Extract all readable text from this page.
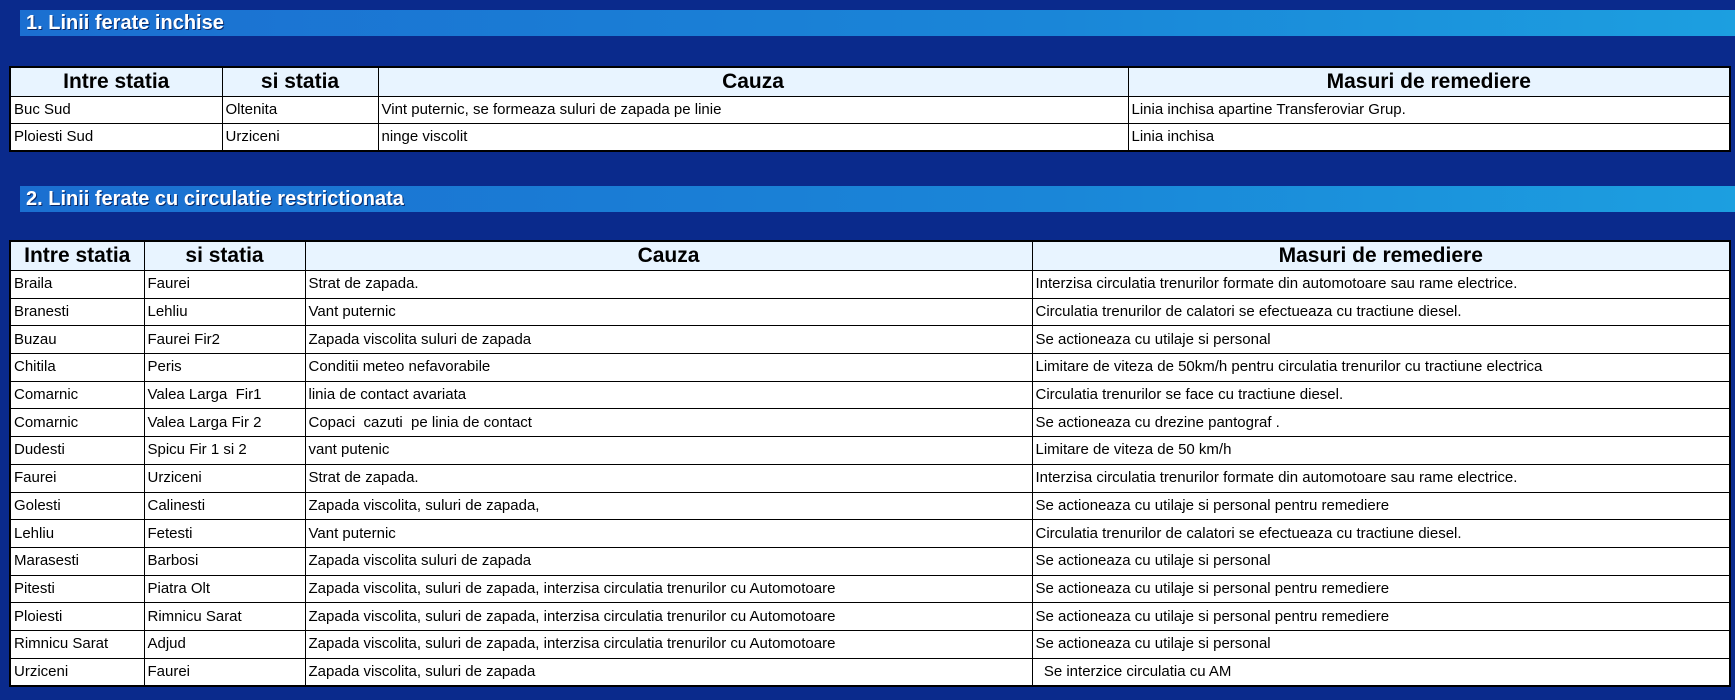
1. Linii ferate inchise
Intre statia	si statia	Cauza	Masuri de remediere
Buc Sud	Oltenita	Vint puternic, se formeaza suluri de zapada pe linie	Linia inchisa apartine Transferoviar Grup.
Ploiesti Sud	Urziceni	ninge viscolit	Linia inchisa
2. Linii ferate cu circulatie restrictionata
Intre statia	si statia	Cauza	Masuri de remediere
Braila	Faurei	Strat de zapada.	Interzisa circulatia trenurilor formate din automotoare sau rame electrice.
Branesti	Lehliu	Vant puternic	Circulatia trenurilor de calatori se efectueaza cu tractiune diesel.
Buzau	Faurei Fir2	Zapada viscolita suluri de zapada	Se actioneaza cu utilaje si personal
Chitila	Peris	Conditii meteo nefavorabile	Limitare de viteza de 50km/h pentru circulatia trenurilor cu tractiune electrica
Comarnic	Valea Larga  Fir1	linia de contact avariata	Circulatia trenurilor se face cu tractiune diesel.
Comarnic	Valea Larga Fir 2	Copaci  cazuti  pe linia de contact	Se actioneaza cu drezine pantograf .
Dudesti	Spicu Fir 1 si 2	vant putenic	Limitare de viteza de 50 km/h
Faurei	Urziceni	Strat de zapada.	Interzisa circulatia trenurilor formate din automotoare sau rame electrice.
Golesti	Calinesti	Zapada viscolita, suluri de zapada,	Se actioneaza cu utilaje si personal pentru remediere
Lehliu	Fetesti	Vant puternic	Circulatia trenurilor de calatori se efectueaza cu tractiune diesel.
Marasesti	Barbosi	Zapada viscolita suluri de zapada	Se actioneaza cu utilaje si personal
Pitesti	Piatra Olt	Zapada viscolita, suluri de zapada, interzisa circulatia trenurilor cu Automotoare	Se actioneaza cu utilaje si personal pentru remediere
Ploiesti	Rimnicu Sarat	Zapada viscolita, suluri de zapada, interzisa circulatia trenurilor cu Automotoare	Se actioneaza cu utilaje si personal pentru remediere
Rimnicu Sarat	Adjud	Zapada viscolita, suluri de zapada, interzisa circulatia trenurilor cu Automotoare	Se actioneaza cu utilaje si personal
Urziceni	Faurei	Zapada viscolita, suluri de zapada	Se interzice circulatia cu AM
